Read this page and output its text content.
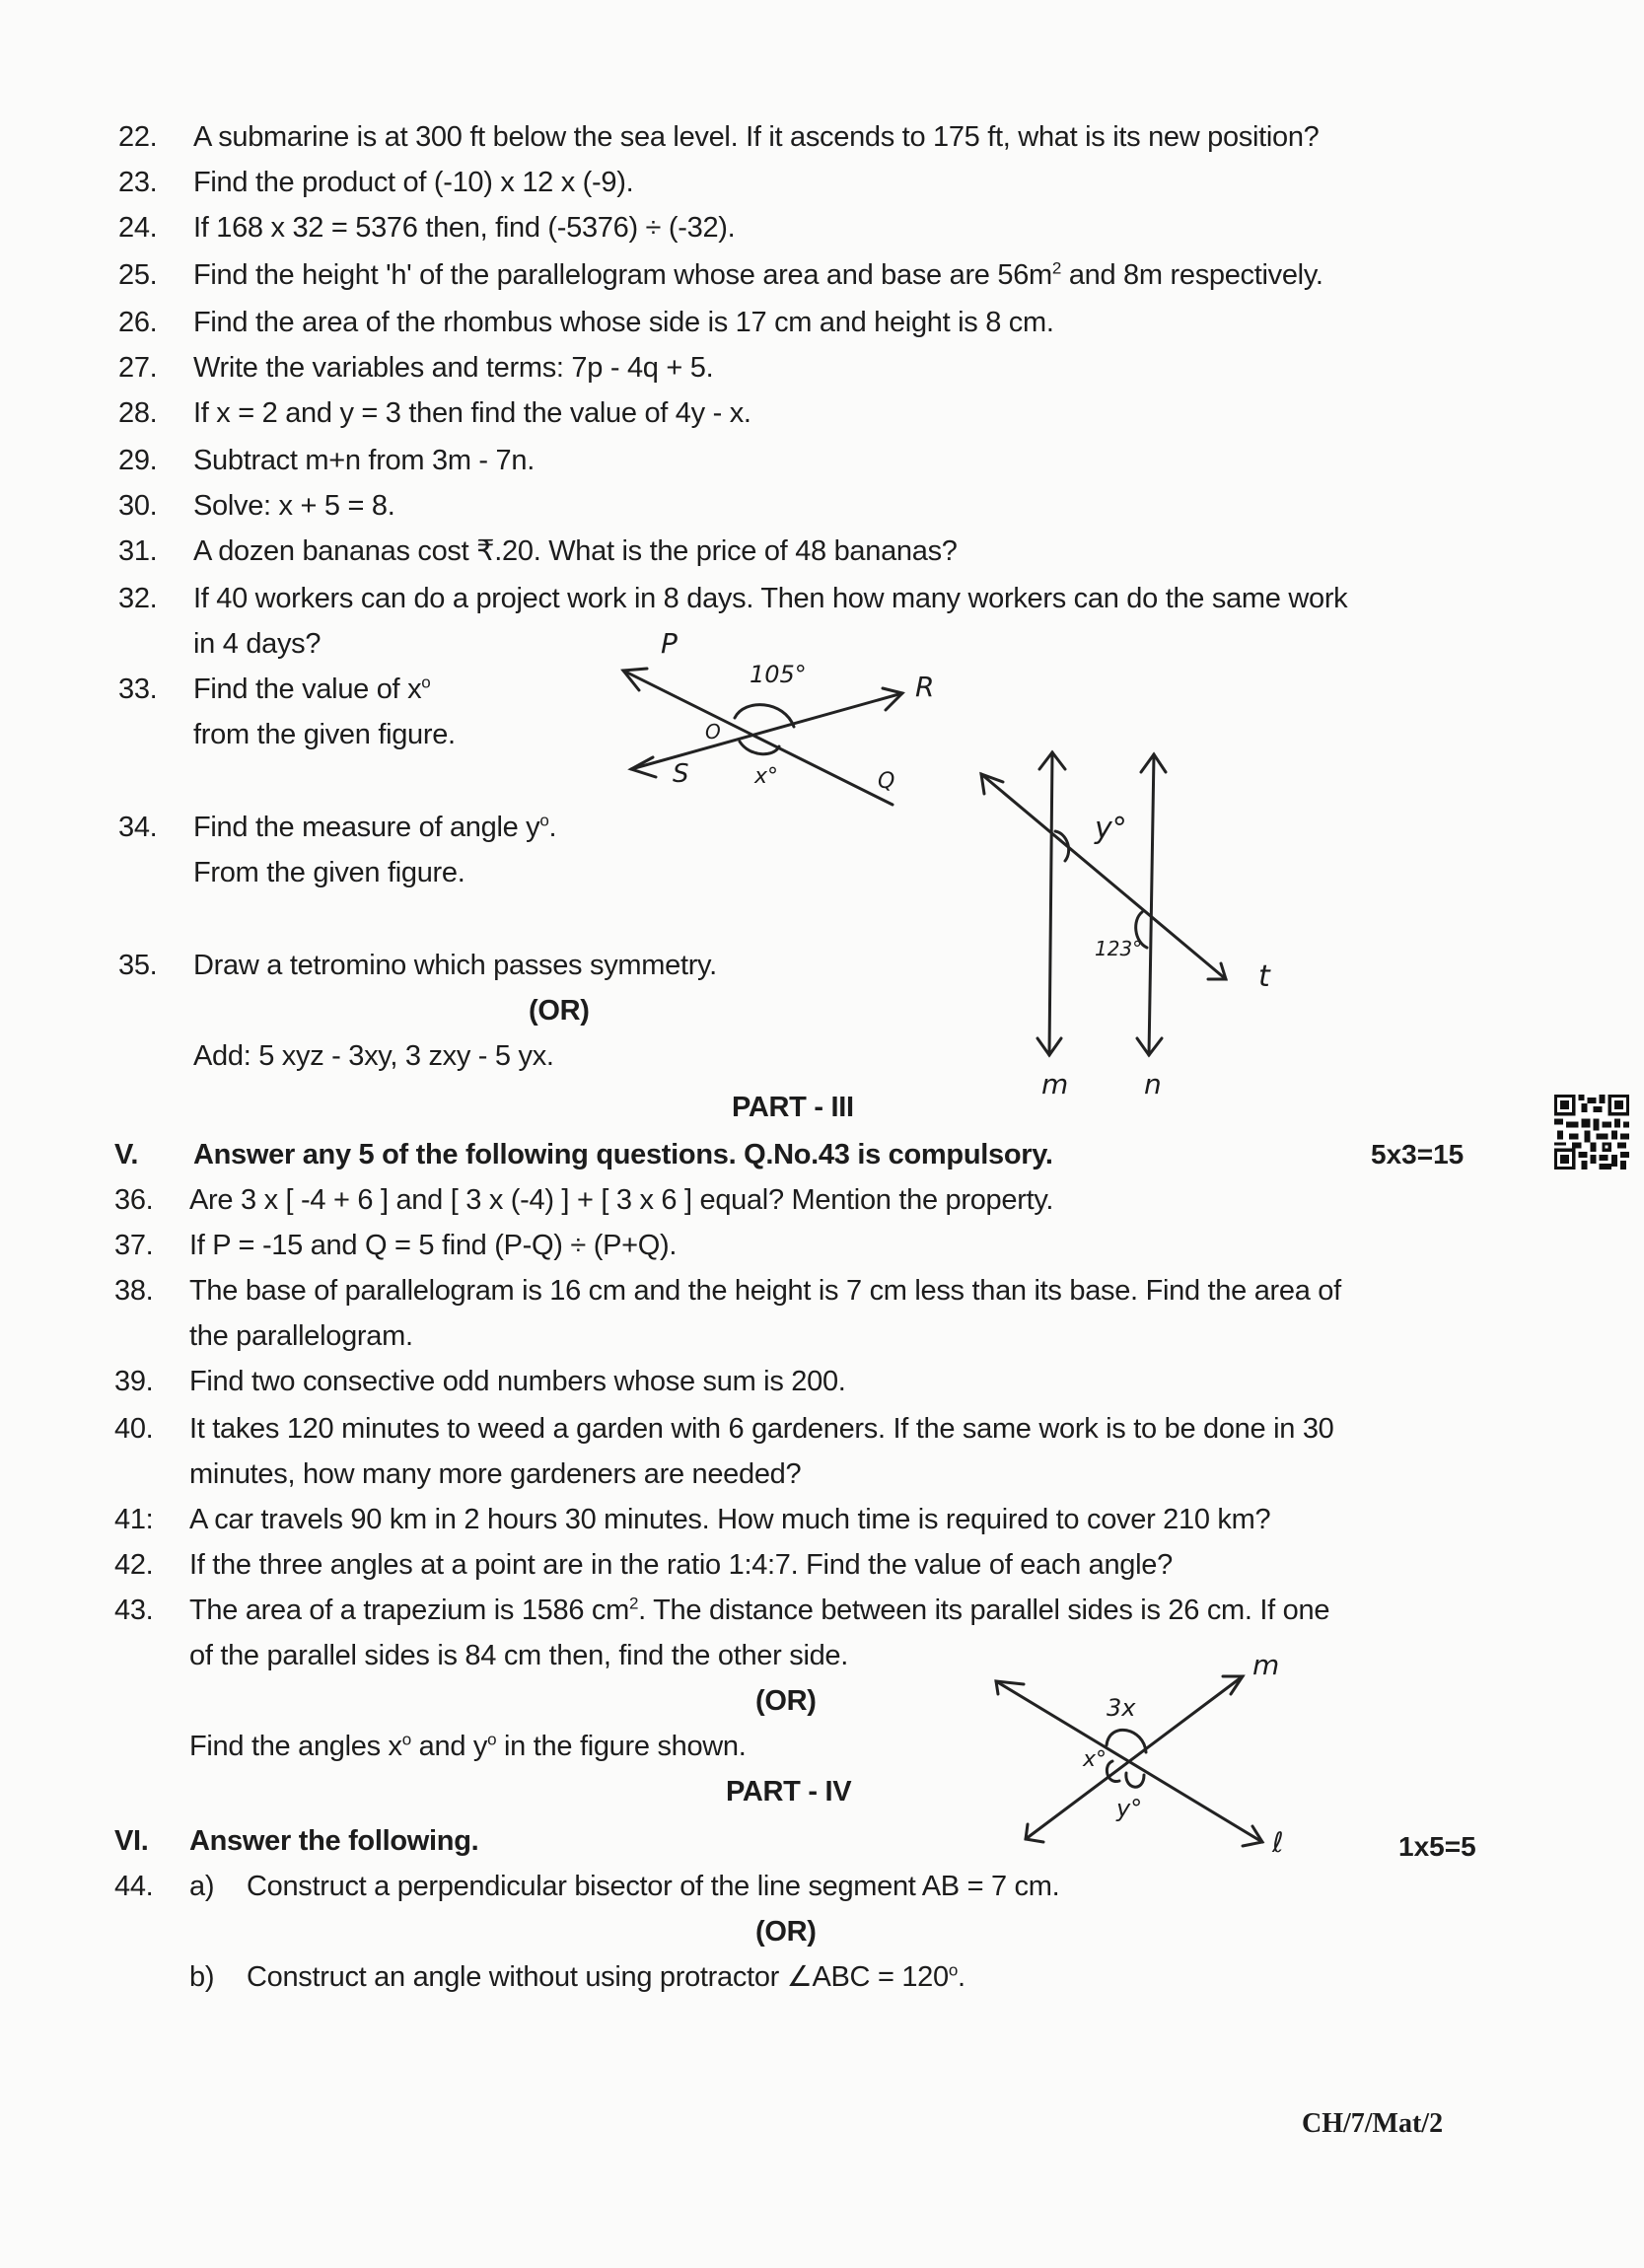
22. A submarine is at 300 ft below the sea level. If it ascends to 175 ft, what is its new position?
23. Find the product of (-10) x 12 x (-9).
24. If 168 x 32 = 5376 then, find (-5376) ÷ (-32).
25. Find the height 'h' of the parallelogram whose area and base are $56m^2$ and 8m respectively.
26. Find the area of the rhombus whose side is 17 cm and height is 8 cm.
27. Write the variables and terms: 7p - 4q + 5.
28. If x = 2 and y = 3 then find the value of 4y - x.
29. Subtract m+n from 3m - 7n.
30. Solve: x + 5 = 8.
31. A dozen bananas cost ₹.20. What is the price of 48 bananas?
32. If 40 workers can do a project work in 8 days. Then how many workers can do the same work
in 4 days?
33. Find the value of $x^o$
from the given figure.
P
R
S	Q
O
105°
x°
34. Find the measure of angle $y^o$.
From the given figure.
y°
123°
t
m	n
35. Draw a tetromino which passes symmetry.
(OR)
Add: 5 xyz - 3xy, 3 zxy - 5 yx.
PART - III
V. Answer any 5 of the following questions. Q.No.43 is compulsory.	5x3=15
36. Are 3 x [ -4 + 6 ] and [ 3 x (-4) ] + [ 3 x 6 ] equal? Mention the property.
37. If P = -15 and Q = 5 find (P-Q) ÷ (P+Q).
38. The base of parallelogram is 16 cm and the height is 7 cm less than its base. Find the area of
the parallelogram.
39. Find two consective odd numbers whose sum is 200.
40. It takes 120 minutes to weed a garden with 6 gardeners. If the same work is to be done in 30
minutes, how many more gardeners are needed?
41: A car travels 90 km in 2 hours 30 minutes. How much time is required to cover 210 km?
42. If the three angles at a point are in the ratio 1:4:7. Find the value of each angle?
43. The area of a trapezium is 1586 $cm^2$. The distance between its parallel sides is 26 cm. If one
of the parallel sides is 84 cm then, find the other side.
(OR)
Find the angles $x^o$ and $y^o$ in the figure shown.
3x
x°
y°
m
ℓ
PART - IV
VI. Answer the following.	1x5=5
44. a) Construct a perpendicular bisector of the line segment AB = 7 cm.
(OR)
b) Construct an angle without using protractor ∠ABC = $120^o$.
CH/7/Mat/2
